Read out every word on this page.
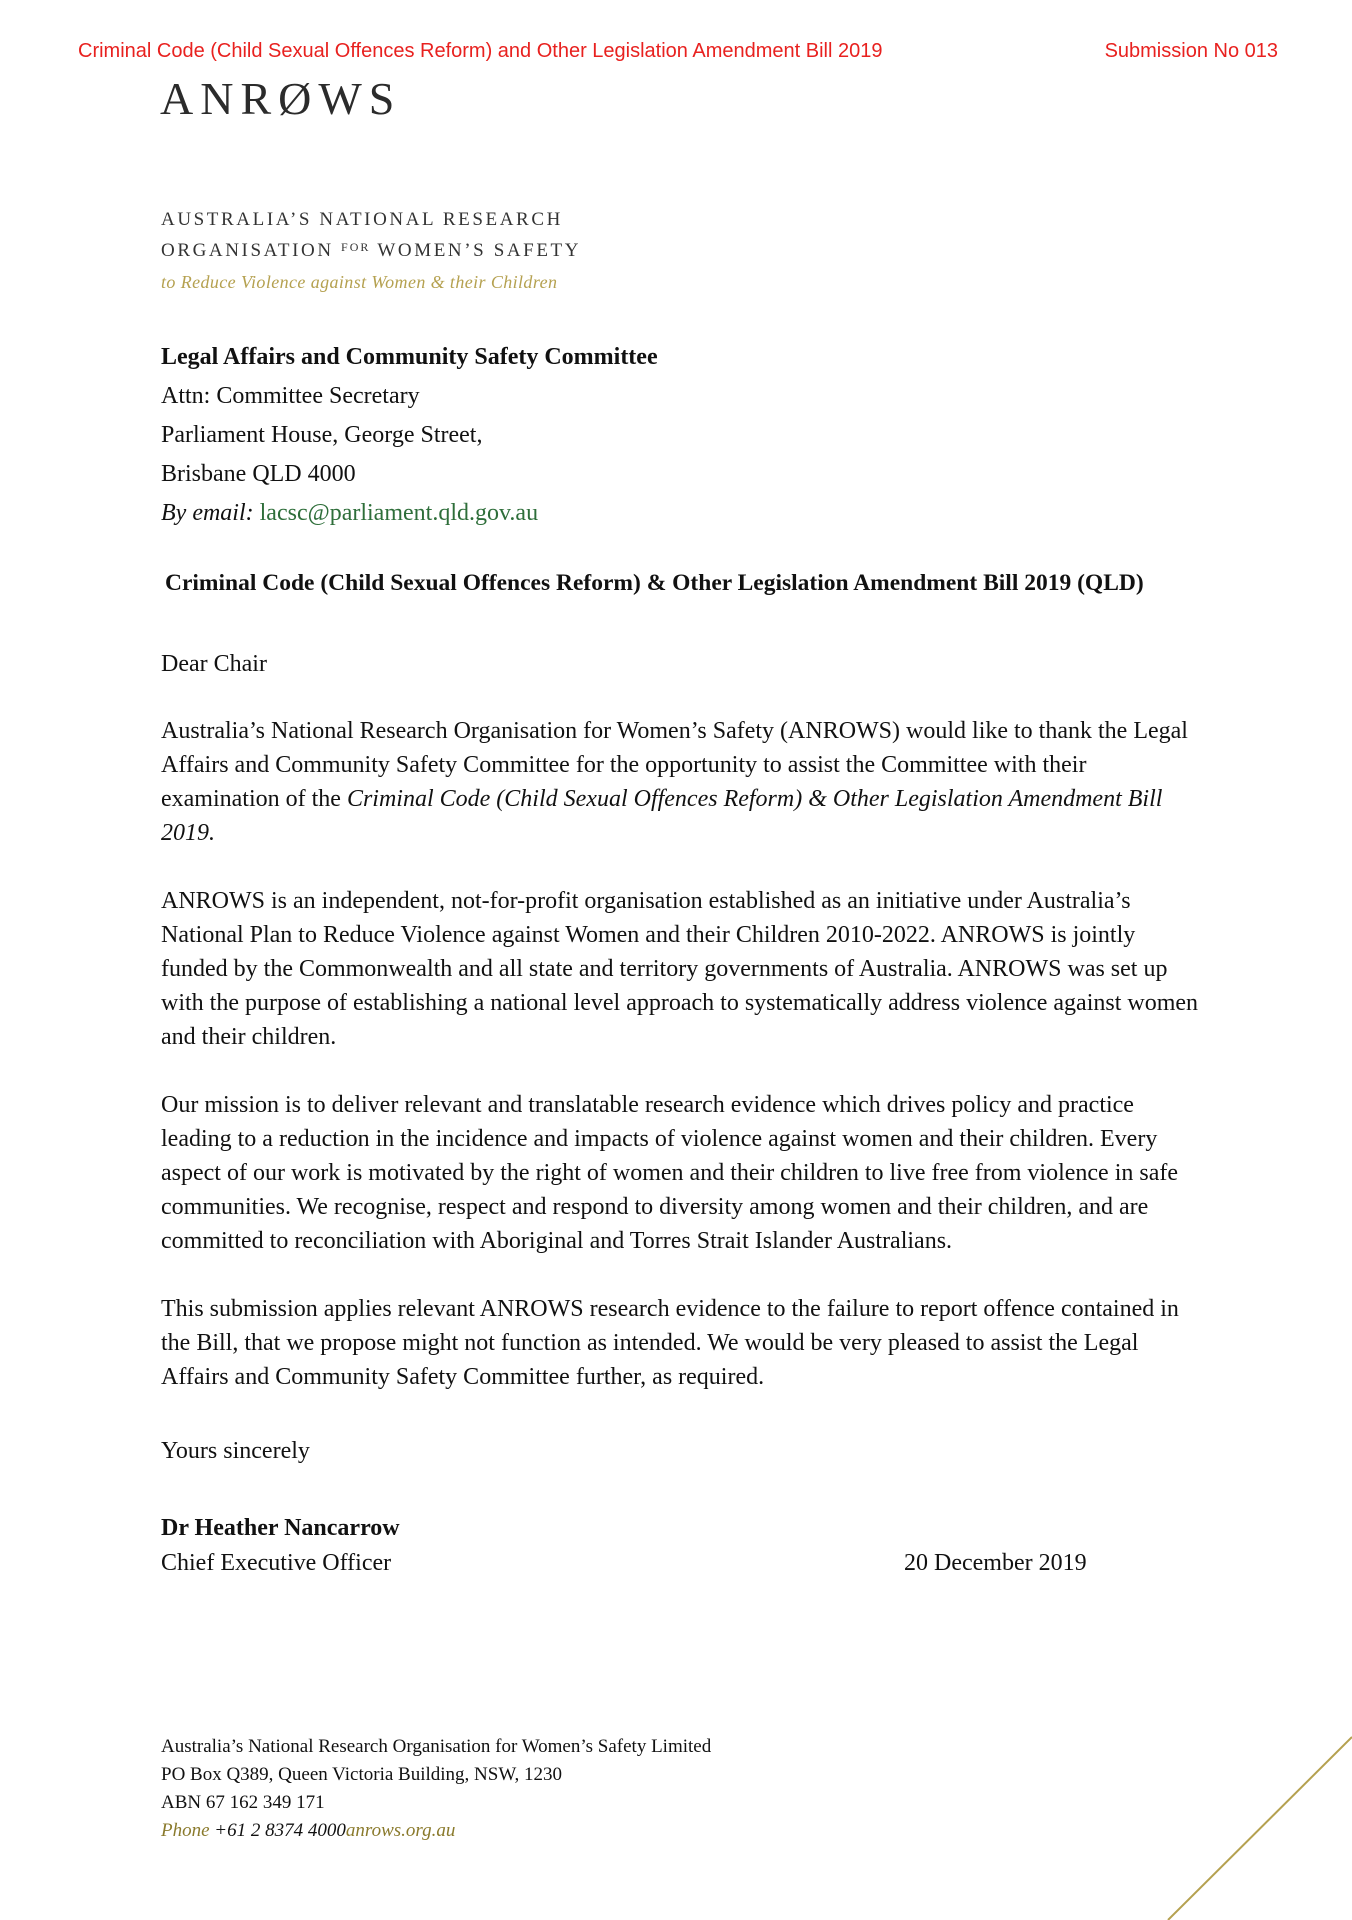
Criminal Code (Child Sexual Offences Reform) and Other Legislation Amendment Bill 2019	Submission No 013
ANRØWS
AUSTRALIA’S NATIONAL RESEARCH
ORGANISATION $^{FOR}$ WOMEN’S SAFETY
to Reduce Violence against Women & their Children
Legal Affairs and Community Safety Committee
Attn: Committee Secretary
Parliament House, George Street,
Brisbane QLD 4000
By email: lacsc@parliament.qld.gov.au
Criminal Code (Child Sexual Offences Reform) & Other Legislation Amendment Bill 2019 (QLD)
Dear Chair

Australia’s National Research Organisation for Women’s Safety (ANROWS) would like to thank the Legal Affairs and Community Safety Committee for the opportunity to assist the Committee with their examination of the Criminal Code (Child Sexual Offences Reform) & Other Legislation Amendment Bill 2019.

ANROWS is an independent, not-for-profit organisation established as an initiative under Australia’s National Plan to Reduce Violence against Women and their Children 2010-2022. ANROWS is jointly funded by the Commonwealth and all state and territory governments of Australia. ANROWS was set up with the purpose of establishing a national level approach to systematically address violence against women and their children.

Our mission is to deliver relevant and translatable research evidence which drives policy and practice leading to a reduction in the incidence and impacts of violence against women and their children. Every aspect of our work is motivated by the right of women and their children to live free from violence in safe communities. We recognise, respect and respond to diversity among women and their children, and are committed to reconciliation with Aboriginal and Torres Strait Islander Australians.

This submission applies relevant ANROWS research evidence to the failure to report offence contained in the Bill, that we propose might not function as intended. We would be very pleased to assist the Legal Affairs and Community Safety Committee further, as required.

Yours sincerely
Dr Heather Nancarrow
Chief Executive Officer	20 December 2019
Australia’s National Research Organisation for Women’s Safety Limited
PO Box Q389, Queen Victoria Building, NSW, 1230
ABN 67 162 349 171
Phone +61 2 8374 4000anrows.org.au
